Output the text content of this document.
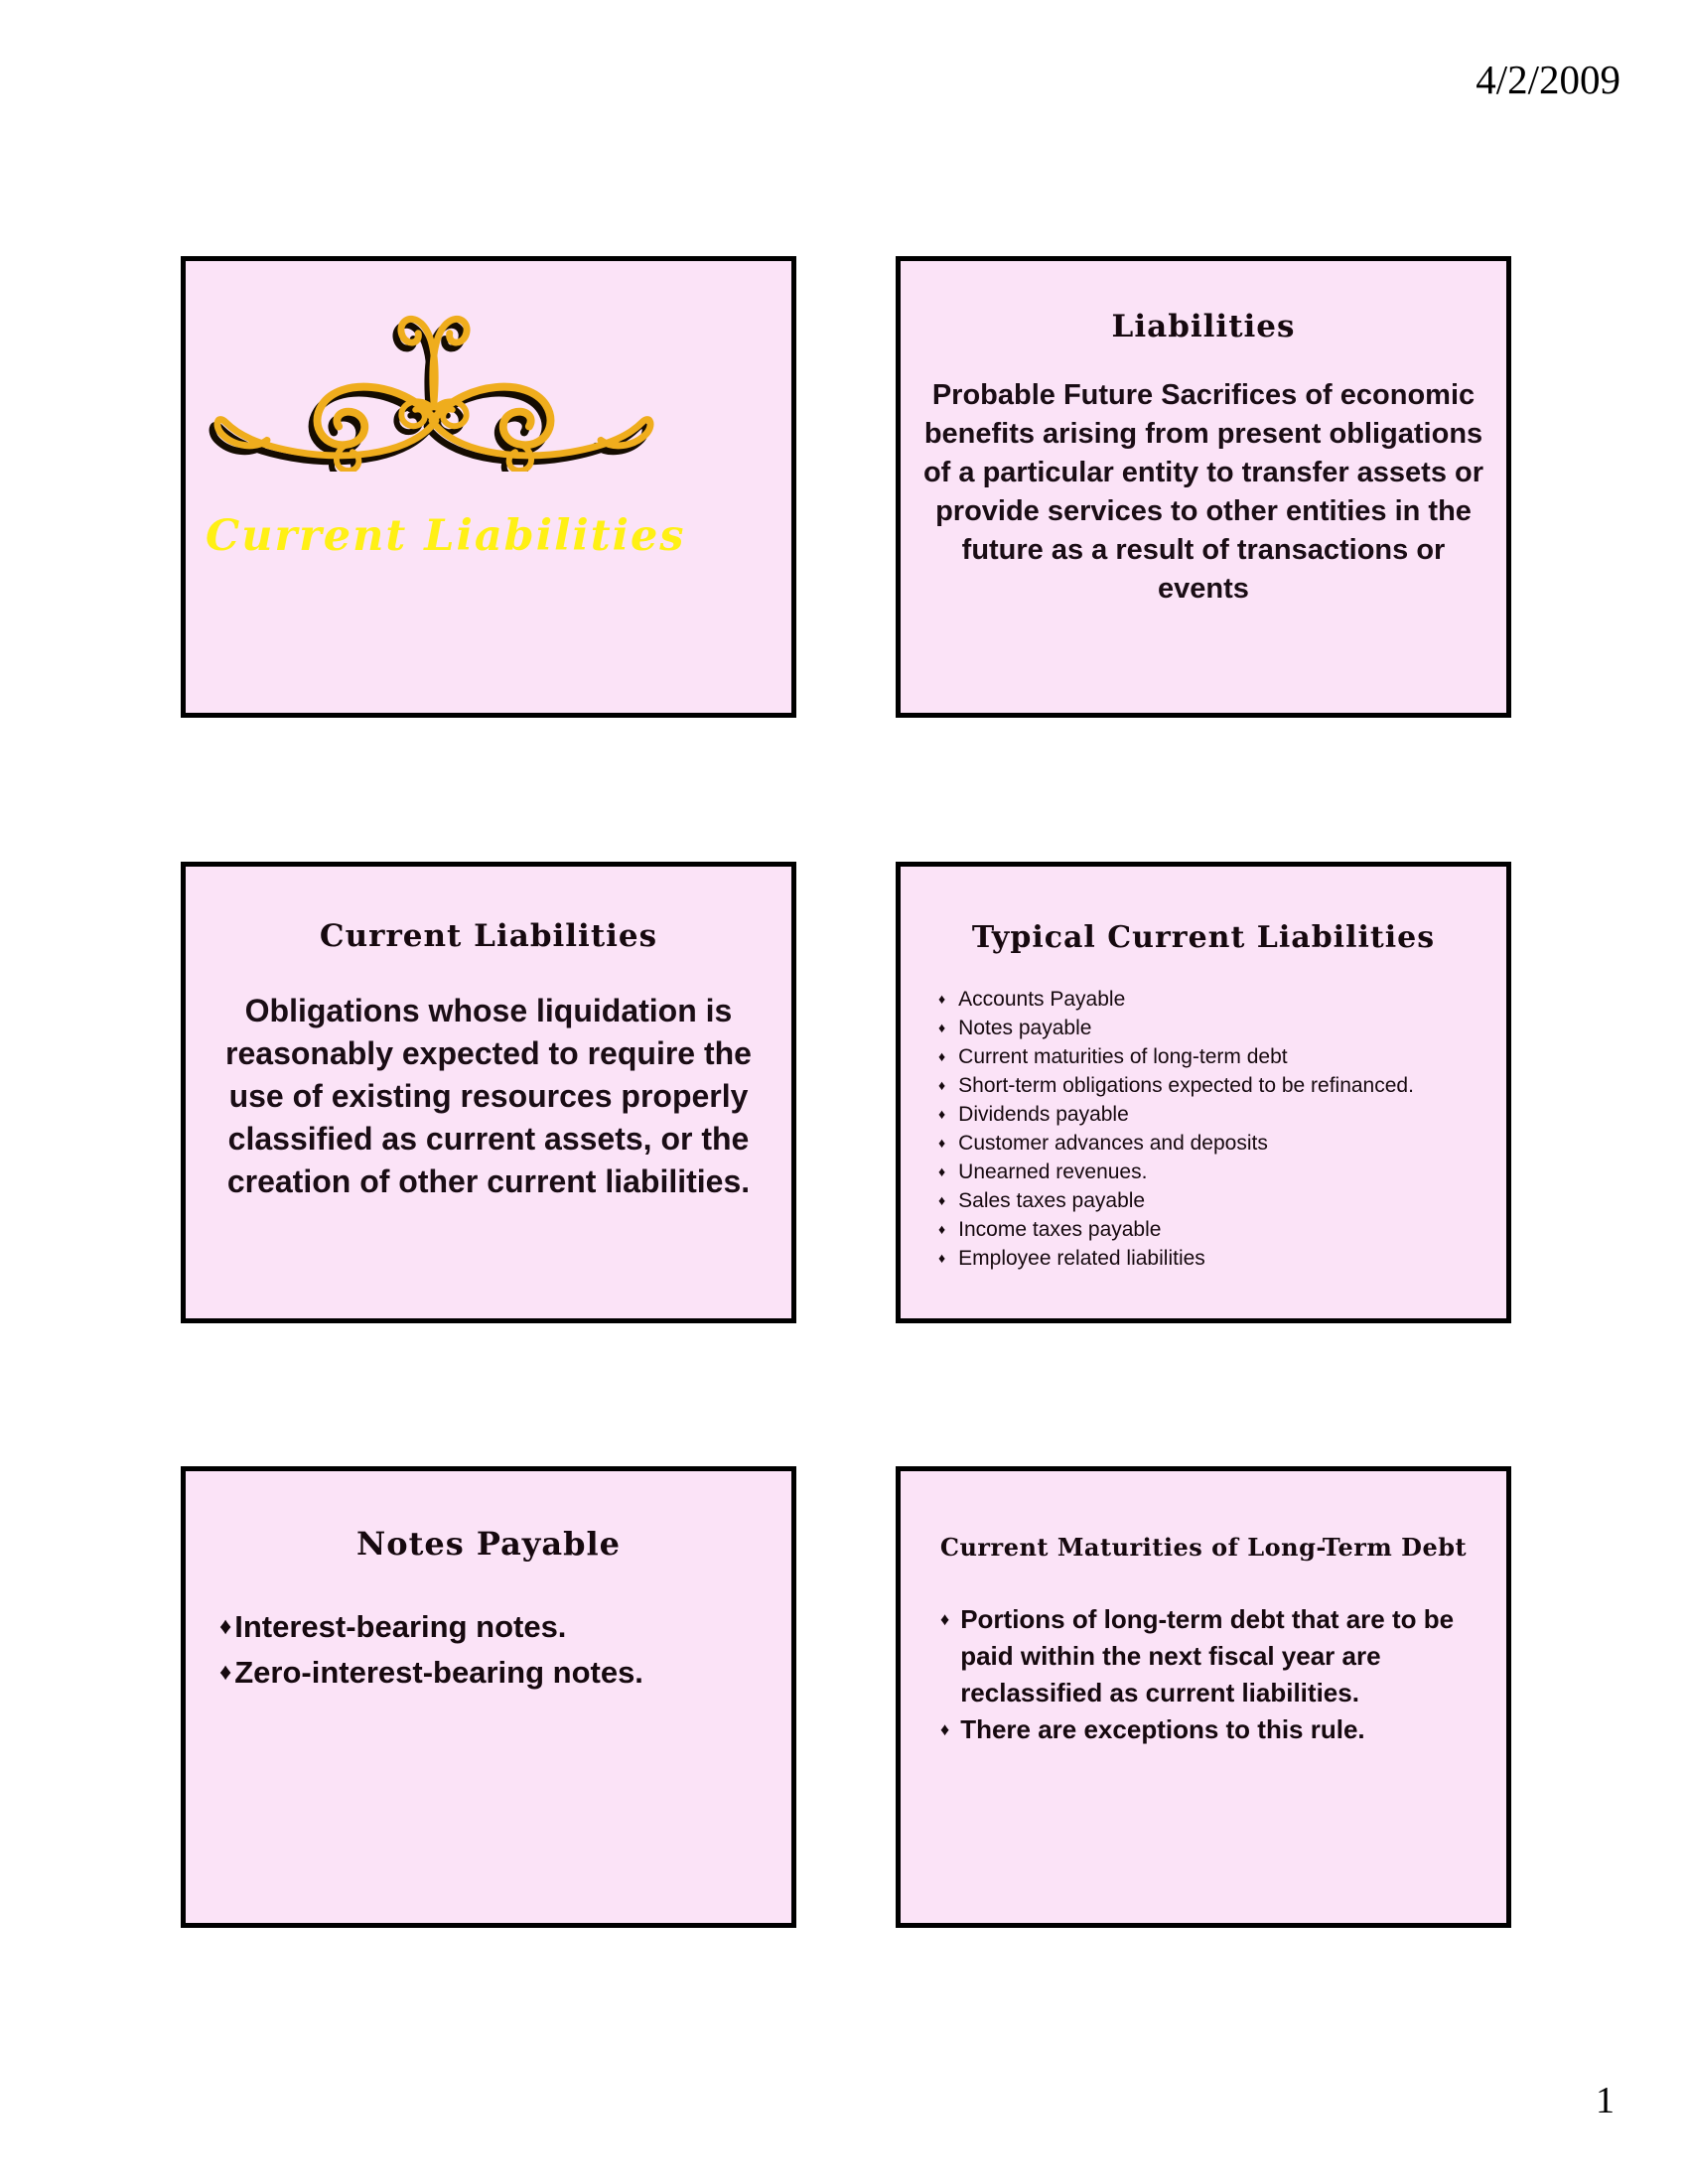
4/2/2009
Current Liabilities
Liabilities
Probable Future Sacrifices of economic benefits arising from present obligations of a particular entity to transfer assets or provide services to other entities in the future as a result of transactions or events
Current Liabilities
Obligations whose liquidation is reasonably expected to require the use of existing resources properly classified as current assets, or the creation of other current liabilities.
Typical Current Liabilities
♦ Accounts Payable
♦ Notes payable
♦ Current maturities of long-term debt
♦ Short-term obligations expected to be refinanced.
♦ Dividends payable
♦ Customer advances and deposits
♦ Unearned revenues.
♦ Sales taxes payable
♦ Income taxes payable
♦ Employee related liabilities
Notes Payable
♦ Interest-bearing notes.
♦ Zero-interest-bearing notes.
Current Maturities of Long-Term Debt
♦ Portions of long-term debt that are to be paid within the next fiscal year are reclassified as current liabilities.
♦ There are exceptions to this rule.
1
